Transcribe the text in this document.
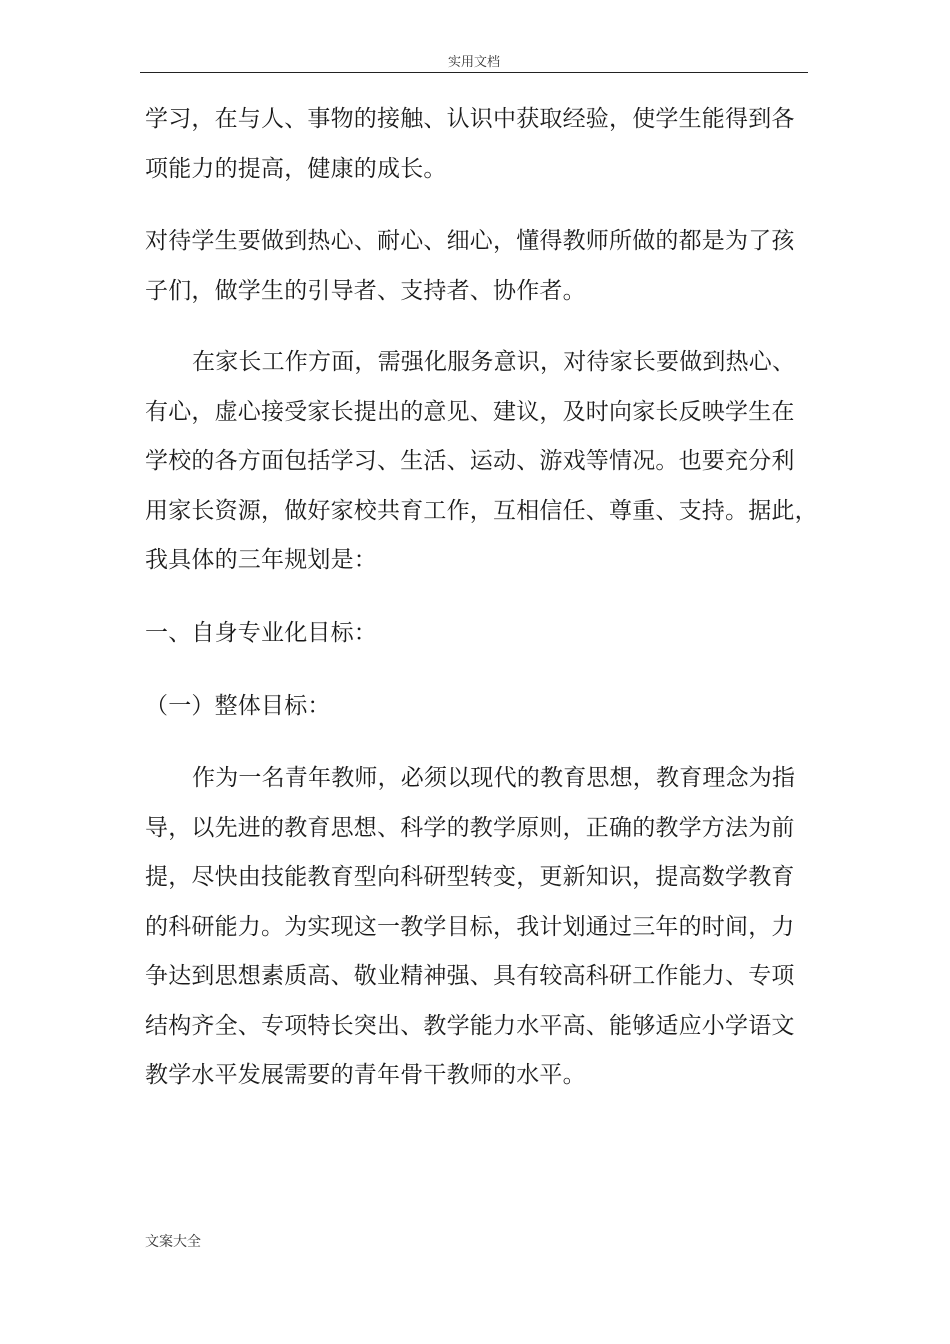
实用文档
学习，在与人、事物的接触、认识中获取经验，使学生能得到各
项能力的提高，健康的成长。
对待学生要做到热心、耐心、细心，懂得教师所做的都是为了孩
子们，做学生的引导者、支持者、协作者。
在家长工作方面，需强化服务意识，对待家长要做到热心、
有心，虚心接受家长提出的意见、建议，及时向家长反映学生在
学校的各方面包括学习、生活、运动、游戏等情况。也要充分利
用家长资源，做好家校共育工作，互相信任、尊重、支持。据此，
我具体的三年规划是：
一、自身专业化目标：
（一）整体目标：
作为一名青年教师，必须以现代的教育思想，教育理念为指
导，以先进的教育思想、科学的教学原则，正确的教学方法为前
提，尽快由技能教育型向科研型转变，更新知识，提高数学教育
的科研能力。为实现这一教学目标，我计划通过三年的时间，力
争达到思想素质高、敬业精神强、具有较高科研工作能力、专项
结构齐全、专项特长突出、教学能力水平高、能够适应小学语文
教学水平发展需要的青年骨干教师的水平。
文案大全
